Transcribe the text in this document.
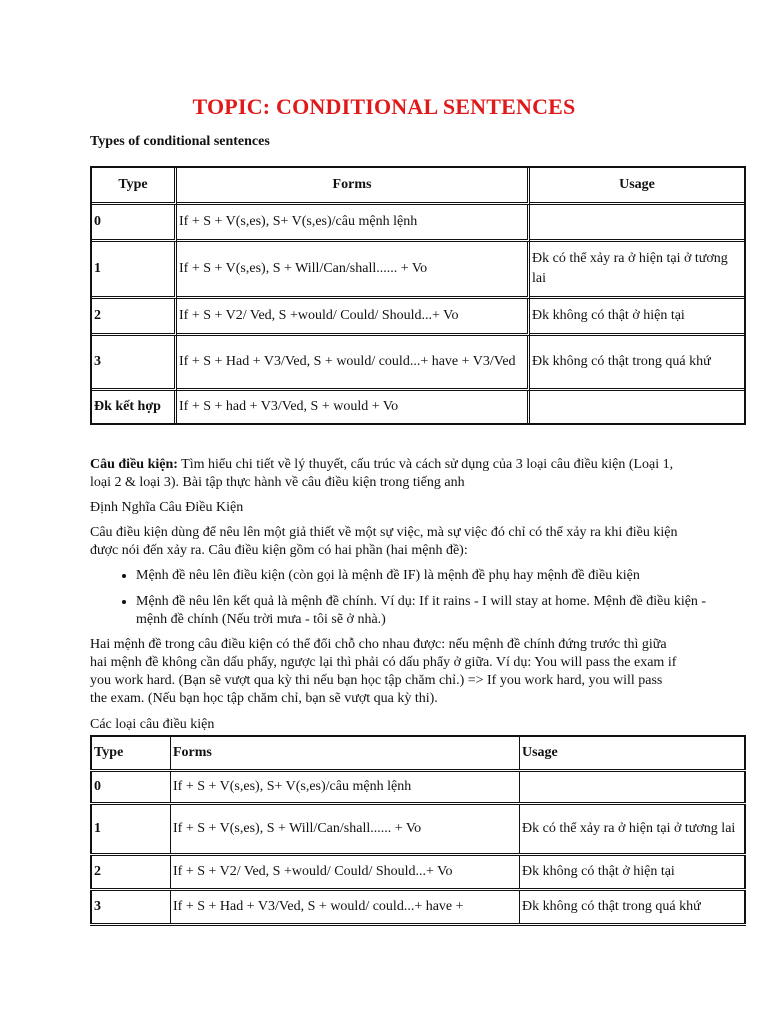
TOPIC: CONDITIONAL SENTENCES
Types of conditional sentences
Type	Forms	Usage
0	If + S + V(s,es), S+ V(s,es)/câu mệnh lệnh	
1	If + S + V(s,es), S + Will/Can/shall...... + Vo	Đk có thể xảy ra ở hiện tại ở tương lai
2	If + S + V2/ Ved, S +would/ Could/ Should...+ Vo	Đk không có thật ở hiện tại
3	If + S + Had + V3/Ved, S + would/ could...+ have + V3/Ved	Đk không có thật trong quá khứ
Đk kết hợp	If + S + had + V3/Ved, S + would + Vo	
Câu điều kiện: Tìm hiểu chi tiết về lý thuyết, cấu trúc và cách sử dụng của 3 loại câu điều kiện (Loại 1, loại 2 & loại 3). Bài tập thực hành về câu điều kiện trong tiếng anh
Định Nghĩa Câu Điều Kiện
Câu điều kiện dùng để nêu lên một giả thiết về một sự việc, mà sự việc đó chỉ có thể xảy ra khi điều kiện được nói đến xảy ra. Câu điều kiện gồm có hai phần (hai mệnh đề):
• Mệnh đề nêu lên điều kiện (còn gọi là mệnh đề IF) là mệnh đề phụ hay mệnh đề điều kiện
• Mệnh đề nêu lên kết quả là mệnh đề chính. Ví dụ: If it rains - I will stay at home. Mệnh đề điều kiện - mệnh đề chính (Nếu trời mưa - tôi sẽ ở nhà.)
Hai mệnh đề trong câu điều kiện có thể đổi chỗ cho nhau được: nếu mệnh đề chính đứng trước thì giữa hai mệnh đề không cần dấu phẩy, ngược lại thì phải có dấu phẩy ở giữa. Ví dụ: You will pass the exam if you work hard. (Bạn sẽ vượt qua kỳ thi nếu bạn học tập chăm chỉ.) => If you work hard, you will pass the exam. (Nếu bạn học tập chăm chỉ, bạn sẽ vượt qua kỳ thi).
Các loại câu điều kiện
Type	Forms	Usage
0	If + S + V(s,es), S+ V(s,es)/câu mệnh lệnh	
1	If + S + V(s,es), S + Will/Can/shall...... + Vo	Đk có thể xảy ra ở hiện tại ở tương lai
2	If + S + V2/ Ved, S +would/ Could/ Should...+ Vo	Đk không có thật ở hiện tại
3	If + S + Had + V3/Ved, S + would/ could...+ have +	Đk không có thật trong quá khứ
